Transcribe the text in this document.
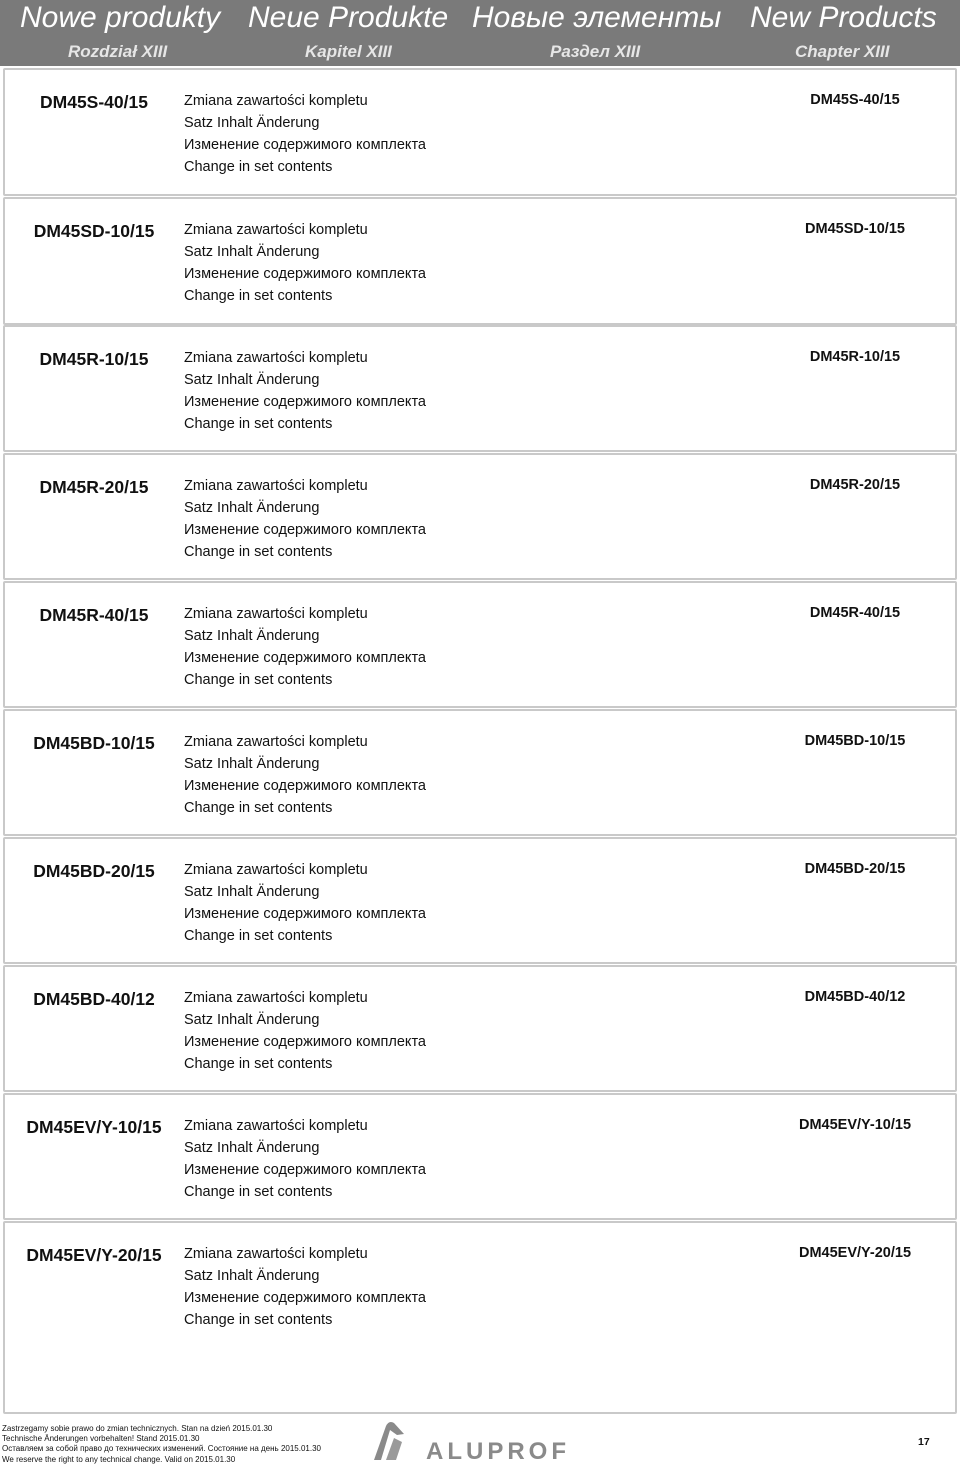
Nowe produkty Neue Produkte Новые элементы New Products
Rozdział XIII	Kapitel XIII	Раздел XIII	Chapter XIII
DM45S-40/15	Zmiana zawartości kompletu
Satz Inhalt Änderung
Изменение содержимого комплекта
Change in set contents
DM45S-40/15
DM45SD-10/15	Zmiana zawartości kompletu
Satz Inhalt Änderung
Изменение содержимого комплекта
Change in set contents
DM45SD-10/15
DM45R-10/15	Zmiana zawartości kompletu
Satz Inhalt Änderung
Изменение содержимого комплекта
Change in set contents
DM45R-10/15
DM45R-20/15	Zmiana zawartości kompletu
Satz Inhalt Änderung
Изменение содержимого комплекта
Change in set contents
DM45R-20/15
DM45R-40/15	Zmiana zawartości kompletu
Satz Inhalt Änderung
Изменение содержимого комплекта
Change in set contents
DM45R-40/15
DM45BD-10/15	Zmiana zawartości kompletu
Satz Inhalt Änderung
Изменение содержимого комплекта
Change in set contents
DM45BD-10/15
DM45BD-20/15	Zmiana zawartości kompletu
Satz Inhalt Änderung
Изменение содержимого комплекта
Change in set contents
DM45BD-20/15
DM45BD-40/12	Zmiana zawartości kompletu
Satz Inhalt Änderung
Изменение содержимого комплекта
Change in set contents
DM45BD-40/12
DM45EV/Y-10/15	Zmiana zawartości kompletu
Satz Inhalt Änderung
Изменение содержимого комплекта
Change in set contents
DM45EV/Y-10/15
DM45EV/Y-20/15	Zmiana zawartości kompletu
Satz Inhalt Änderung
Изменение содержимого комплекта
Change in set contents
DM45EV/Y-20/15
Zastrzegamy sobie prawo do zmian technicznych. Stan na dzień 2015.01.30
Technische Änderungen vorbehalten! Stand 2015.01.30
Оставляем за собой право до технических изменений. Состояние на день 2015.01.30
We reserve the right to any technical change. Valid on 2015.01.30	ALUPROF	17
